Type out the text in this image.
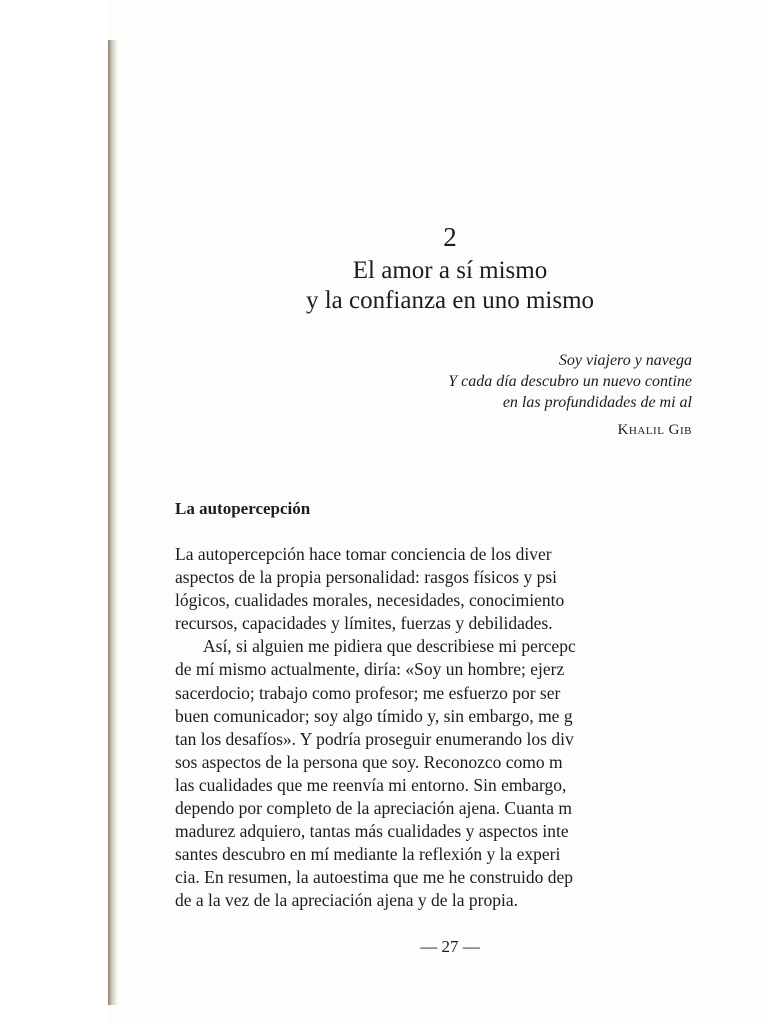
2
El amor a sí mismo
y la confianza en uno mismo
Soy viajero y navega
Y cada día descubro un nuevo contine
en las profundidades de mi al
Khalil Gib
La autopercepción
La autopercepción hace tomar conciencia de los diver
aspectos de la propia personalidad: rasgos físicos y psi
lógicos, cualidades morales, necesidades, conocimiento
recursos, capacidades y límites, fuerzas y debilidades.
Así, si alguien me pidiera que describiese mi percepc
de mí mismo actualmente, diría: «Soy un hombre; ejerz
sacerdocio; trabajo como profesor; me esfuerzo por ser
buen comunicador; soy algo tímido y, sin embargo, me g
tan los desafíos». Y podría proseguir enumerando los div
sos aspectos de la persona que soy. Reconozco como m
las cualidades que me reenvía mi entorno. Sin embargo,
dependo por completo de la apreciación ajena. Cuanta m
madurez adquiero, tantas más cualidades y aspectos inte
santes descubro en mí mediante la reflexión y la experi
cia. En resumen, la autoestima que me he construido dep
de a la vez de la apreciación ajena y de la propia.
— 27 —
